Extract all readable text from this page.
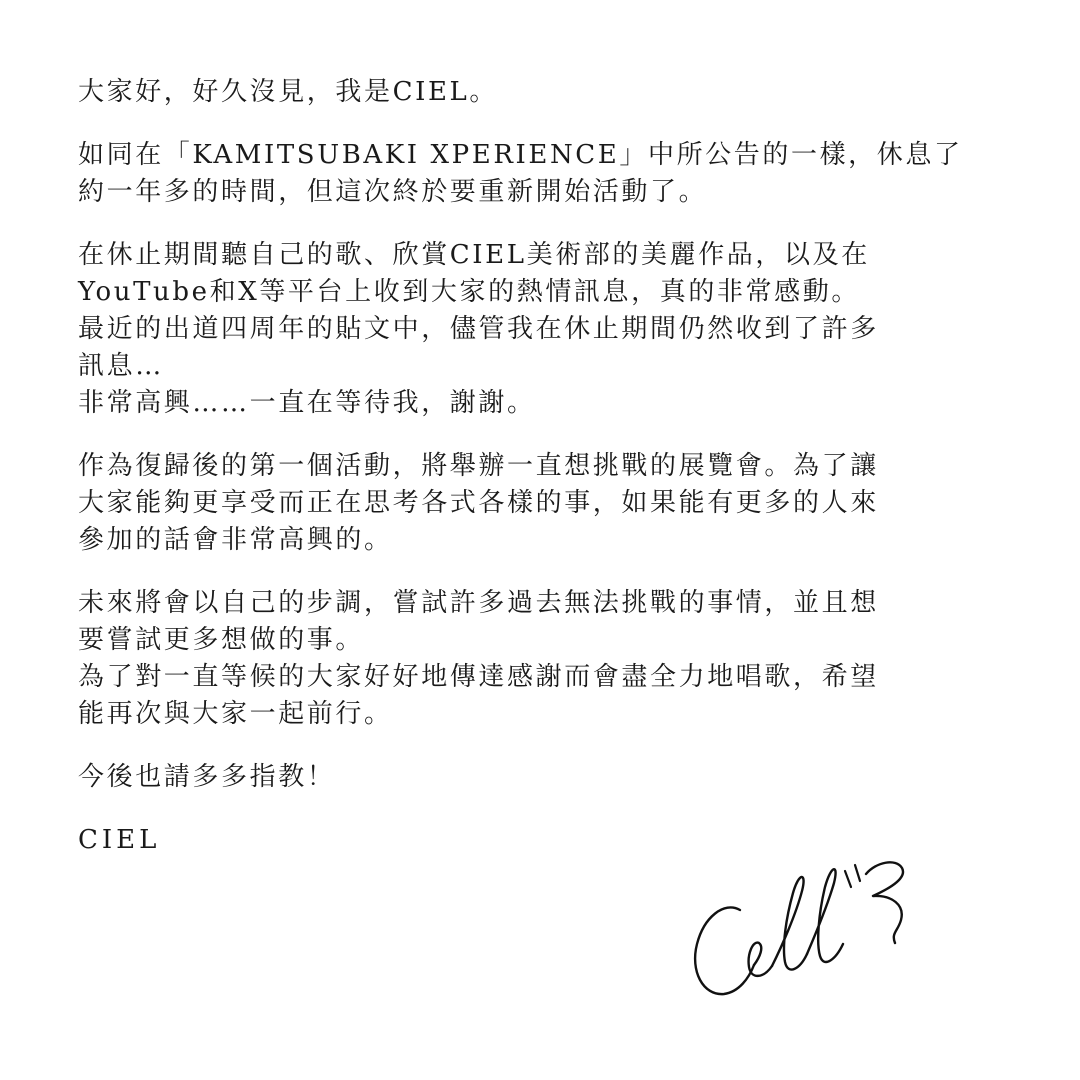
大家好，好久沒見，我是CIEL。
如同在「KAMITSUBAKI XPERIENCE」中所公告的一樣，休息了
約一年多的時間，但這次終於要重新開始活動了。
在休止期間聽自己的歌、欣賞CIEL美術部的美麗作品，以及在
YouTube和X等平台上收到大家的熱情訊息，真的非常感動。
最近的出道四周年的貼文中，儘管我在休止期間仍然收到了許多
訊息…
非常高興……一直在等待我，謝謝。
作為復歸後的第一個活動，將舉辦一直想挑戰的展覽會。為了讓
大家能夠更享受而正在思考各式各樣的事，如果能有更多的人來
參加的話會非常高興的。
未來將會以自己的步調，嘗試許多過去無法挑戰的事情，並且想
要嘗試更多想做的事。
為了對一直等候的大家好好地傳達感謝而會盡全力地唱歌，希望
能再次與大家一起前行。
今後也請多多指教！
CIEL
